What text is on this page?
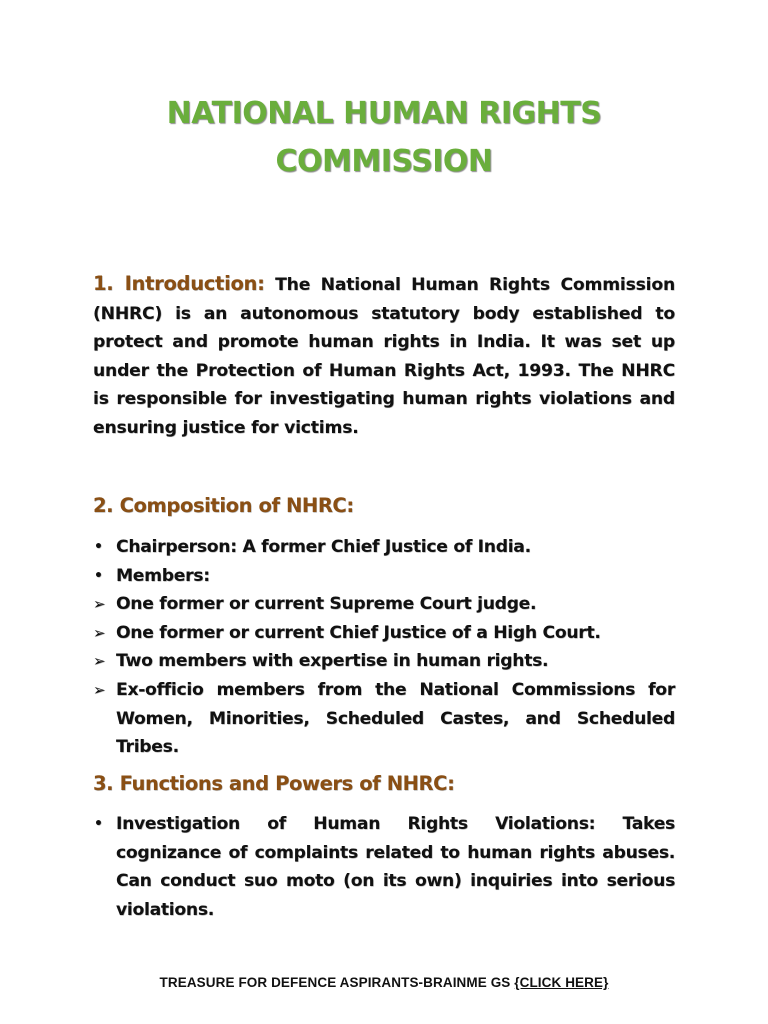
NATIONAL HUMAN RIGHTS
COMMISSION

1. Introduction: The National Human Rights Commission (NHRC) is an autonomous statutory body established to protect and promote human rights in India. It was set up under the Protection of Human Rights Act, 1993. The NHRC is responsible for investigating human rights violations and ensuring justice for victims.

2. Composition of NHRC:
• Chairperson: A former Chief Justice of India.
• Members:
➢ One former or current Supreme Court judge.
➢ One former or current Chief Justice of a High Court.
➢ Two members with expertise in human rights.
➢ Ex-officio members from the National Commissions for Women, Minorities, Scheduled Castes, and Scheduled Tribes.
3. Functions and Powers of NHRC:
• Investigation of Human Rights Violations: Takes cognizance of complaints related to human rights abuses. Can conduct suo moto (on its own) inquiries into serious violations.
TREASURE FOR DEFENCE ASPIRANTS-BRAINME GS {CLICK HERE}
